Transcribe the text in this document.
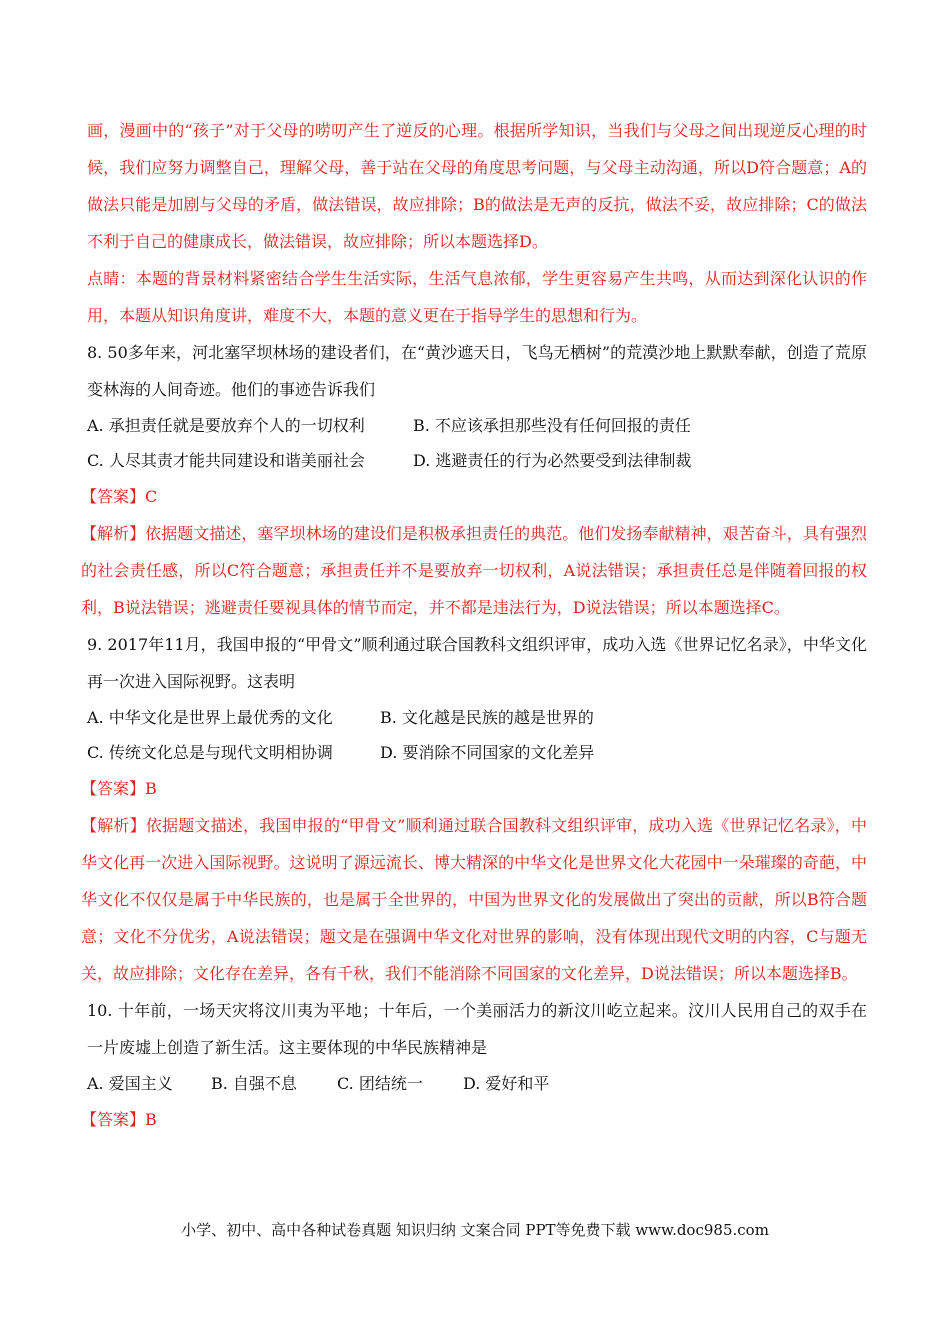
画，漫画中的“孩子”对于父母的唠叨产生了逆反的心理。根据所学知识，当我们与父母之间出现逆反心理的时候，我们应努力调整自己，理解父母，善于站在父母的角度思考问题，与父母主动沟通，所以D符合题意；A的做法只能是加剧与父母的矛盾，做法错误，故应排除；B的做法是无声的反抗，做法不妥，故应排除；C的做法不利于自己的健康成长，做法错误，故应排除；所以本题选择D。

点睛：本题的背景材料紧密结合学生生活实际，生活气息浓郁，学生更容易产生共鸣，从而达到深化认识的作用，本题从知识角度讲，难度不大，本题的意义更在于指导学生的思想和行为。

8. 50多年来，河北塞罕坝林场的建设者们，在“黄沙遮天日，飞鸟无栖树”的荒漠沙地上默默奉献，创造了荒原变林海的人间奇迹。他们的事迹告诉我们

A. 承担责任就是要放弃个人的一切权利	B. 不应该承担那些没有任何回报的责任
C. 人尽其责才能共同建设和谐美丽社会	D. 逃避责任的行为必然要受到法律制裁

【答案】C

【解析】依据题文描述，塞罕坝林场的建设们是积极承担责任的典范。他们发扬奉献精神，艰苦奋斗，具有强烈的社会责任感，所以C符合题意；承担责任并不是要放弃一切权利，A说法错误；承担责任总是伴随着回报的权利，B说法错误；逃避责任要视具体的情节而定，并不都是违法行为，D说法错误；所以本题选择C。

9. 2017年11月，我国申报的“甲骨文”顺利通过联合国教科文组织评审，成功入选《世界记忆名录》，中华文化再一次进入国际视野。这表明

A. 中华文化是世界上最优秀的文化	B. 文化越是民族的越是世界的
C. 传统文化总是与现代文明相协调	D. 要消除不同国家的文化差异

【答案】B

【解析】依据题文描述，我国申报的“甲骨文”顺利通过联合国教科文组织评审，成功入选《世界记忆名录》，中华文化再一次进入国际视野。这说明了源远流长、博大精深的中华文化是世界文化大花园中一朵璀璨的奇葩，中华文化不仅仅是属于中华民族的，也是属于全世界的，中国为世界文化的发展做出了突出的贡献，所以B符合题意；文化不分优劣，A说法错误；题文是在强调中华文化对世界的影响，没有体现出现代文明的内容，C与题无关，故应排除；文化存在差异，各有千秋，我们不能消除不同国家的文化差异，D说法错误；所以本题选择B。

10. 十年前，一场天灾将汶川夷为平地；十年后，一个美丽活力的新汶川屹立起来。汶川人民用自己的双手在一片废墟上创造了新生活。这主要体现的中华民族精神是

A. 爱国主义	B. 自强不息	C. 团结统一	D. 爱好和平

【答案】B

小学、初中、高中各种试卷真题 知识归纳 文案合同 PPT等免费下载 www.doc985.com
